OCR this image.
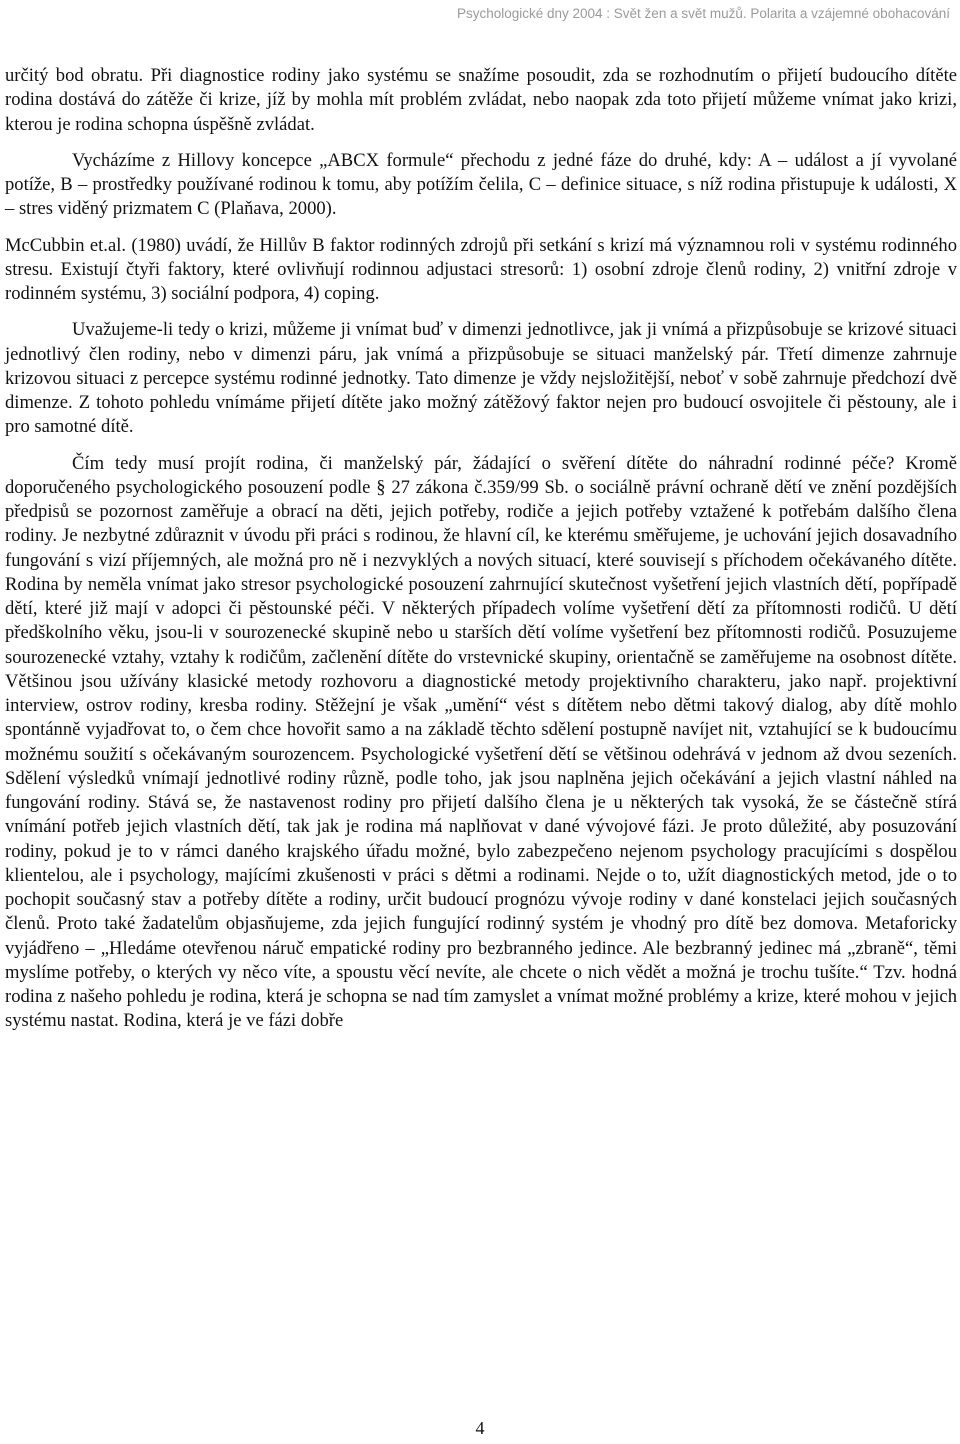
Psychologické dny 2004 : Svět žen a svět mužů. Polarita a vzájemné obohacování

určitý bod obratu. Při diagnostice rodiny jako systému se snažíme posoudit, zda se rozhodnutím o přijetí budoucího dítěte rodina dostává do zátěže či krize, jíž by mohla mít problém zvládat, nebo naopak zda toto přijetí můžeme vnímat jako krizi, kterou je rodina schopna úspěšně zvládat.

Vycházíme z Hillovy koncepce „ABCX formule“ přechodu z jedné fáze do druhé, kdy: A – událost a jí vyvolané potíže, B – prostředky používané rodinou k tomu, aby potížím čelila, C – definice situace, s níž rodina přistupuje k události, X – stres viděný prizmatem C (Plaňava, 2000).

McCubbin et.al. (1980) uvádí, že Hillův B faktor rodinných zdrojů při setkání s krizí má významnou roli v systému rodinného stresu. Existují čtyři faktory, které ovlivňují rodinnou adjustaci stresorů: 1) osobní zdroje členů rodiny, 2) vnitřní zdroje v rodinném systému, 3) sociální podpora, 4) coping.

Uvažujeme-li tedy o krizi, můžeme ji vnímat buď v dimenzi jednotlivce, jak ji vnímá a přizpůsobuje se krizové situaci jednotlivý člen rodiny, nebo v dimenzi páru, jak vnímá a přizpůsobuje se situaci manželský pár. Třetí dimenze zahrnuje krizovou situaci z percepce systému rodinné jednotky. Tato dimenze je vždy nejsložitější, neboť v sobě zahrnuje předchozí dvě dimenze. Z tohoto pohledu vnímáme přijetí dítěte jako možný zátěžový faktor nejen pro budoucí osvojitele či pěstouny, ale i pro samotné dítě.

Čím tedy musí projít rodina, či manželský pár, žádající o svěření dítěte do náhradní rodinné péče? Kromě doporučeného psychologického posouzení podle § 27 zákona č.359/99 Sb. o sociálně právní ochraně dětí ve znění pozdějších předpisů se pozornost zaměřuje a obrací na děti, jejich potřeby, rodiče a jejich potřeby vztažené k potřebám dalšího člena rodiny. Je nezbytné zdůraznit v úvodu při práci s rodinou, že hlavní cíl, ke kterému směřujeme, je uchování jejich dosavadního fungování s vizí příjemných, ale možná pro ně i nezvyklých a nových situací, které souvisejí s příchodem očekávaného dítěte. Rodina by neměla vnímat jako stresor psychologické posouzení zahrnující skutečnost vyšetření jejich vlastních dětí, popřípadě dětí, které již mají v adopci či pěstounské péči. V některých případech volíme vyšetření dětí za přítomnosti rodičů. U dětí předškolního věku, jsou-li v sourozenecké skupině nebo u starších dětí volíme vyšetření bez přítomnosti rodičů. Posuzujeme sourozenecké vztahy, vztahy k rodičům, začlenění dítěte do vrstevnické skupiny, orientačně se zaměřujeme na osobnost dítěte. Většinou jsou užívány klasické metody rozhovoru a diagnostické metody projektivního charakteru, jako např. projektivní interview, ostrov rodiny, kresba rodiny. Stěžejní je však „umění“ vést s dítětem nebo dětmi takový dialog, aby dítě mohlo spontánně vyjadřovat to, o čem chce hovořit samo a na základě těchto sdělení postupně navíjet nit, vztahující se k budoucímu možnému soužití s očekávaným sourozencem. Psychologické vyšetření dětí se většinou odehrává v jednom až dvou sezeních. Sdělení výsledků vnímají jednotlivé rodiny různě, podle toho, jak jsou naplněna jejich očekávání a jejich vlastní náhled na fungování rodiny. Stává se, že nastavenost rodiny pro přijetí dalšího člena je u některých tak vysoká, že se částečně stírá vnímání potřeb jejich vlastních dětí, tak jak je rodina má naplňovat v dané vývojové fázi. Je proto důležité, aby posuzování rodiny, pokud je to v rámci daného krajského úřadu možné, bylo zabezpečeno nejenom psychology pracujícími s dospělou klientelou, ale i psychology, majícími zkušenosti v práci s dětmi a rodinami. Nejde o to, užít diagnostických metod, jde o to pochopit současný stav a potřeby dítěte a rodiny, určit budoucí prognózu vývoje rodiny v dané konstelaci jejich současných členů. Proto také žadatelům objasňujeme, zda jejich fungující rodinný systém je vhodný pro dítě bez domova. Metaforicky vyjádřeno – „Hledáme otevřenou náruč empatické rodiny pro bezbranného jedince. Ale bezbranný jedinec má „zbraně“, těmi myslíme potřeby, o kterých vy něco víte, a spoustu věcí nevíte, ale chcete o nich vědět a možná je trochu tušíte.“ Tzv. hodná rodina z našeho pohledu je rodina, která je schopna se nad tím zamyslet a vnímat možné problémy a krize, které mohou v jejich systému nastat. Rodina, která je ve fázi dobře

4
